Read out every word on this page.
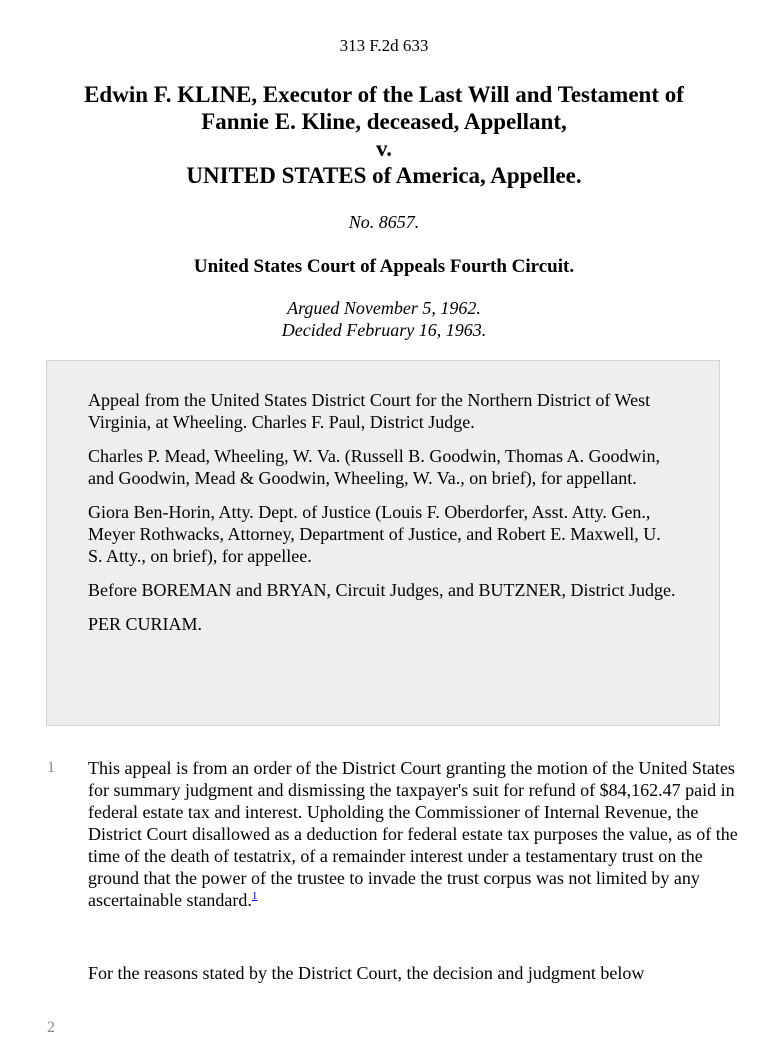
313 F.2d 633
Edwin F. KLINE, Executor of the Last Will and Testament of
Fannie E. Kline, deceased, Appellant,
v.
UNITED STATES of America, Appellee.
No. 8657.
United States Court of Appeals Fourth Circuit.
Argued November 5, 1962.
Decided February 16, 1963.

Appeal from the United States District Court for the Northern District of West Virginia, at Wheeling. Charles F. Paul, District Judge.

Charles P. Mead, Wheeling, W. Va. (Russell B. Goodwin, Thomas A. Goodwin, and Goodwin, Mead & Goodwin, Wheeling, W. Va., on brief), for appellant.

Giora Ben-Horin, Atty. Dept. of Justice (Louis F. Oberdorfer, Asst. Atty. Gen., Meyer Rothwacks, Attorney, Department of Justice, and Robert E. Maxwell, U. S. Atty., on brief), for appellee.

Before BOREMAN and BRYAN, Circuit Judges, and BUTZNER, District Judge.

PER CURIAM.

1 This appeal is from an order of the District Court granting the motion of the United States for summary judgment and dismissing the taxpayer's suit for refund of $84,162.47 paid in federal estate tax and interest. Upholding the Commissioner of Internal Revenue, the District Court disallowed as a deduction for federal estate tax purposes the value, as of the time of the death of testatrix, of a remainder interest under a testamentary trust on the ground that the power of the trustee to invade the trust corpus was not limited by any ascertainable standard.$^1$
For the reasons stated by the District Court, the decision and judgment below
2
